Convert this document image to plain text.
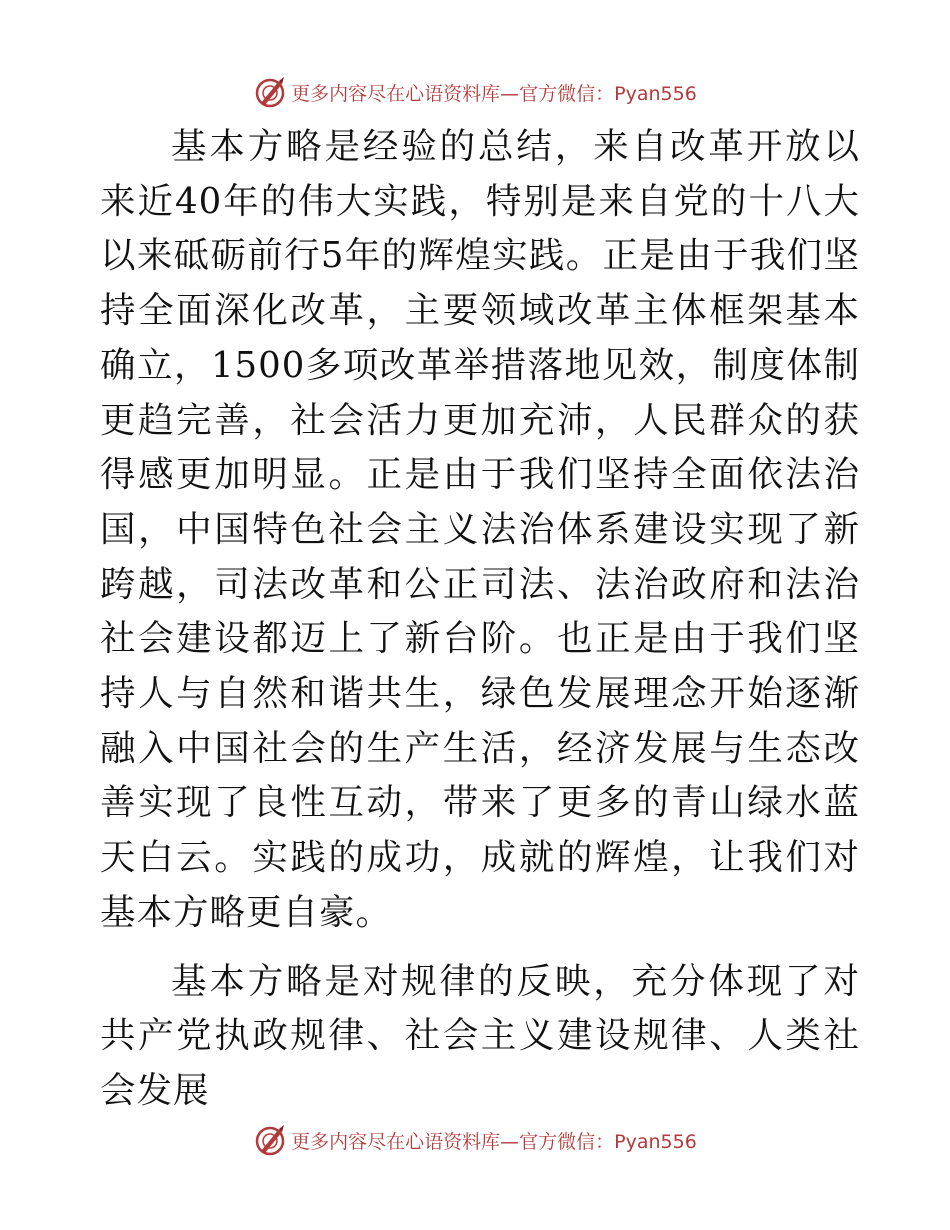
更多内容尽在心语资料库—官方微信：Pyan556

基本方略是经验的总结，来自改革开放以来近40年的伟大实践，特别是来自党的十八大以来砥砺前行5年的辉煌实践。正是由于我们坚持全面深化改革，主要领域改革主体框架基本确立，1500多项改革举措落地见效，制度体制更趋完善，社会活力更加充沛，人民群众的获得感更加明显。正是由于我们坚持全面依法治国，中国特色社会主义法治体系建设实现了新跨越，司法改革和公正司法、法治政府和法治社会建设都迈上了新台阶。也正是由于我们坚持人与自然和谐共生，绿色发展理念开始逐渐融入中国社会的生产生活，经济发展与生态改善实现了良性互动，带来了更多的青山绿水蓝天白云。实践的成功，成就的辉煌，让我们对基本方略更自豪。

基本方略是对规律的反映，充分体现了对共产党执政规律、社会主义建设规律、人类社会发展

更多内容尽在心语资料库—官方微信：Pyan556
